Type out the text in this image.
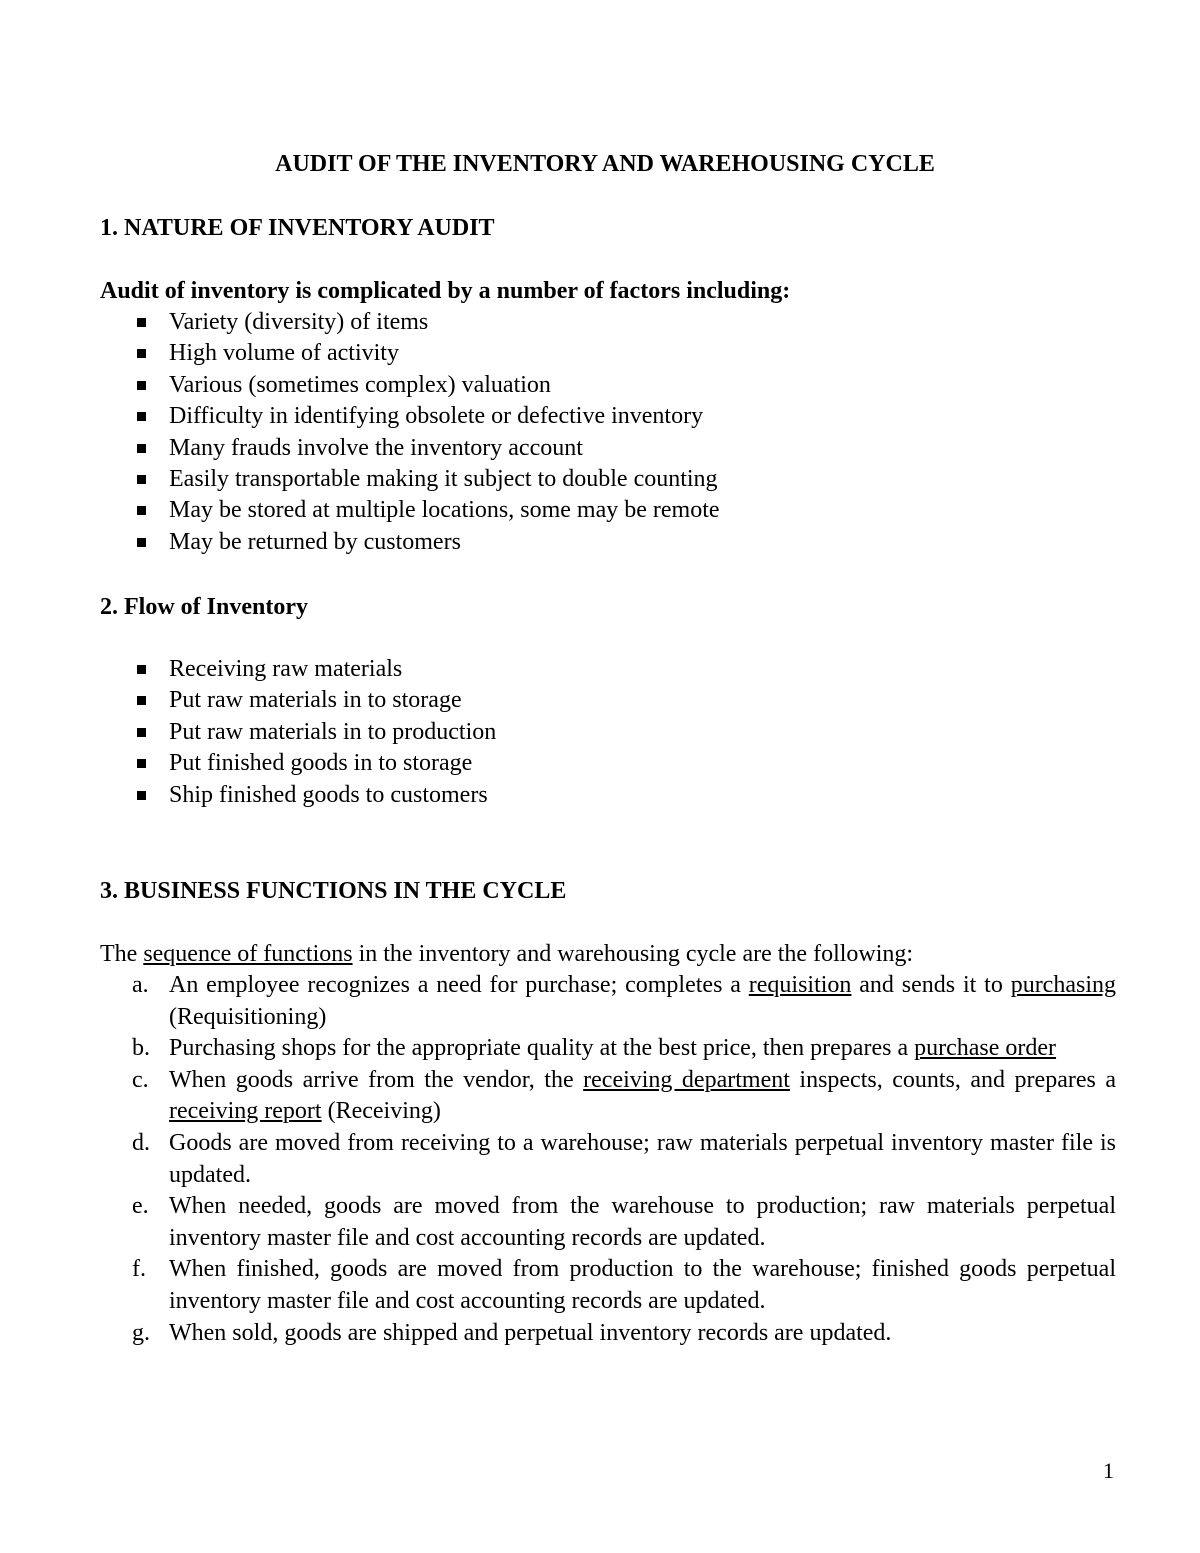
AUDIT OF THE INVENTORY AND WAREHOUSING CYCLE
1. NATURE OF INVENTORY AUDIT
Audit of inventory is complicated by a number of factors including:
Variety (diversity) of items
High volume of activity
Various (sometimes complex) valuation
Difficulty in identifying obsolete or defective inventory
Many frauds involve the inventory account
Easily transportable making it subject to double counting
May be stored at multiple locations, some may be remote
May be returned by customers
2. Flow of Inventory
Receiving raw materials
Put raw materials in to storage
Put raw materials in to production
Put finished goods in to storage
Ship finished goods to customers
3. BUSINESS FUNCTIONS IN THE CYCLE
The sequence of functions in the inventory and warehousing cycle are the following:
a. An employee recognizes a need for purchase; completes a requisition and sends it to purchasing (Requisitioning)
b. Purchasing shops for the appropriate quality at the best price, then prepares a purchase order
c. When goods arrive from the vendor, the receiving department inspects, counts, and prepares a receiving report (Receiving)
d. Goods are moved from receiving to a warehouse; raw materials perpetual inventory master file is updated.
e. When needed, goods are moved from the warehouse to production; raw materials perpetual inventory master file and cost accounting records are updated.
f. When finished, goods are moved from production to the warehouse; finished goods perpetual inventory master file and cost accounting records are updated.
g. When sold, goods are shipped and perpetual inventory records are updated.
1
